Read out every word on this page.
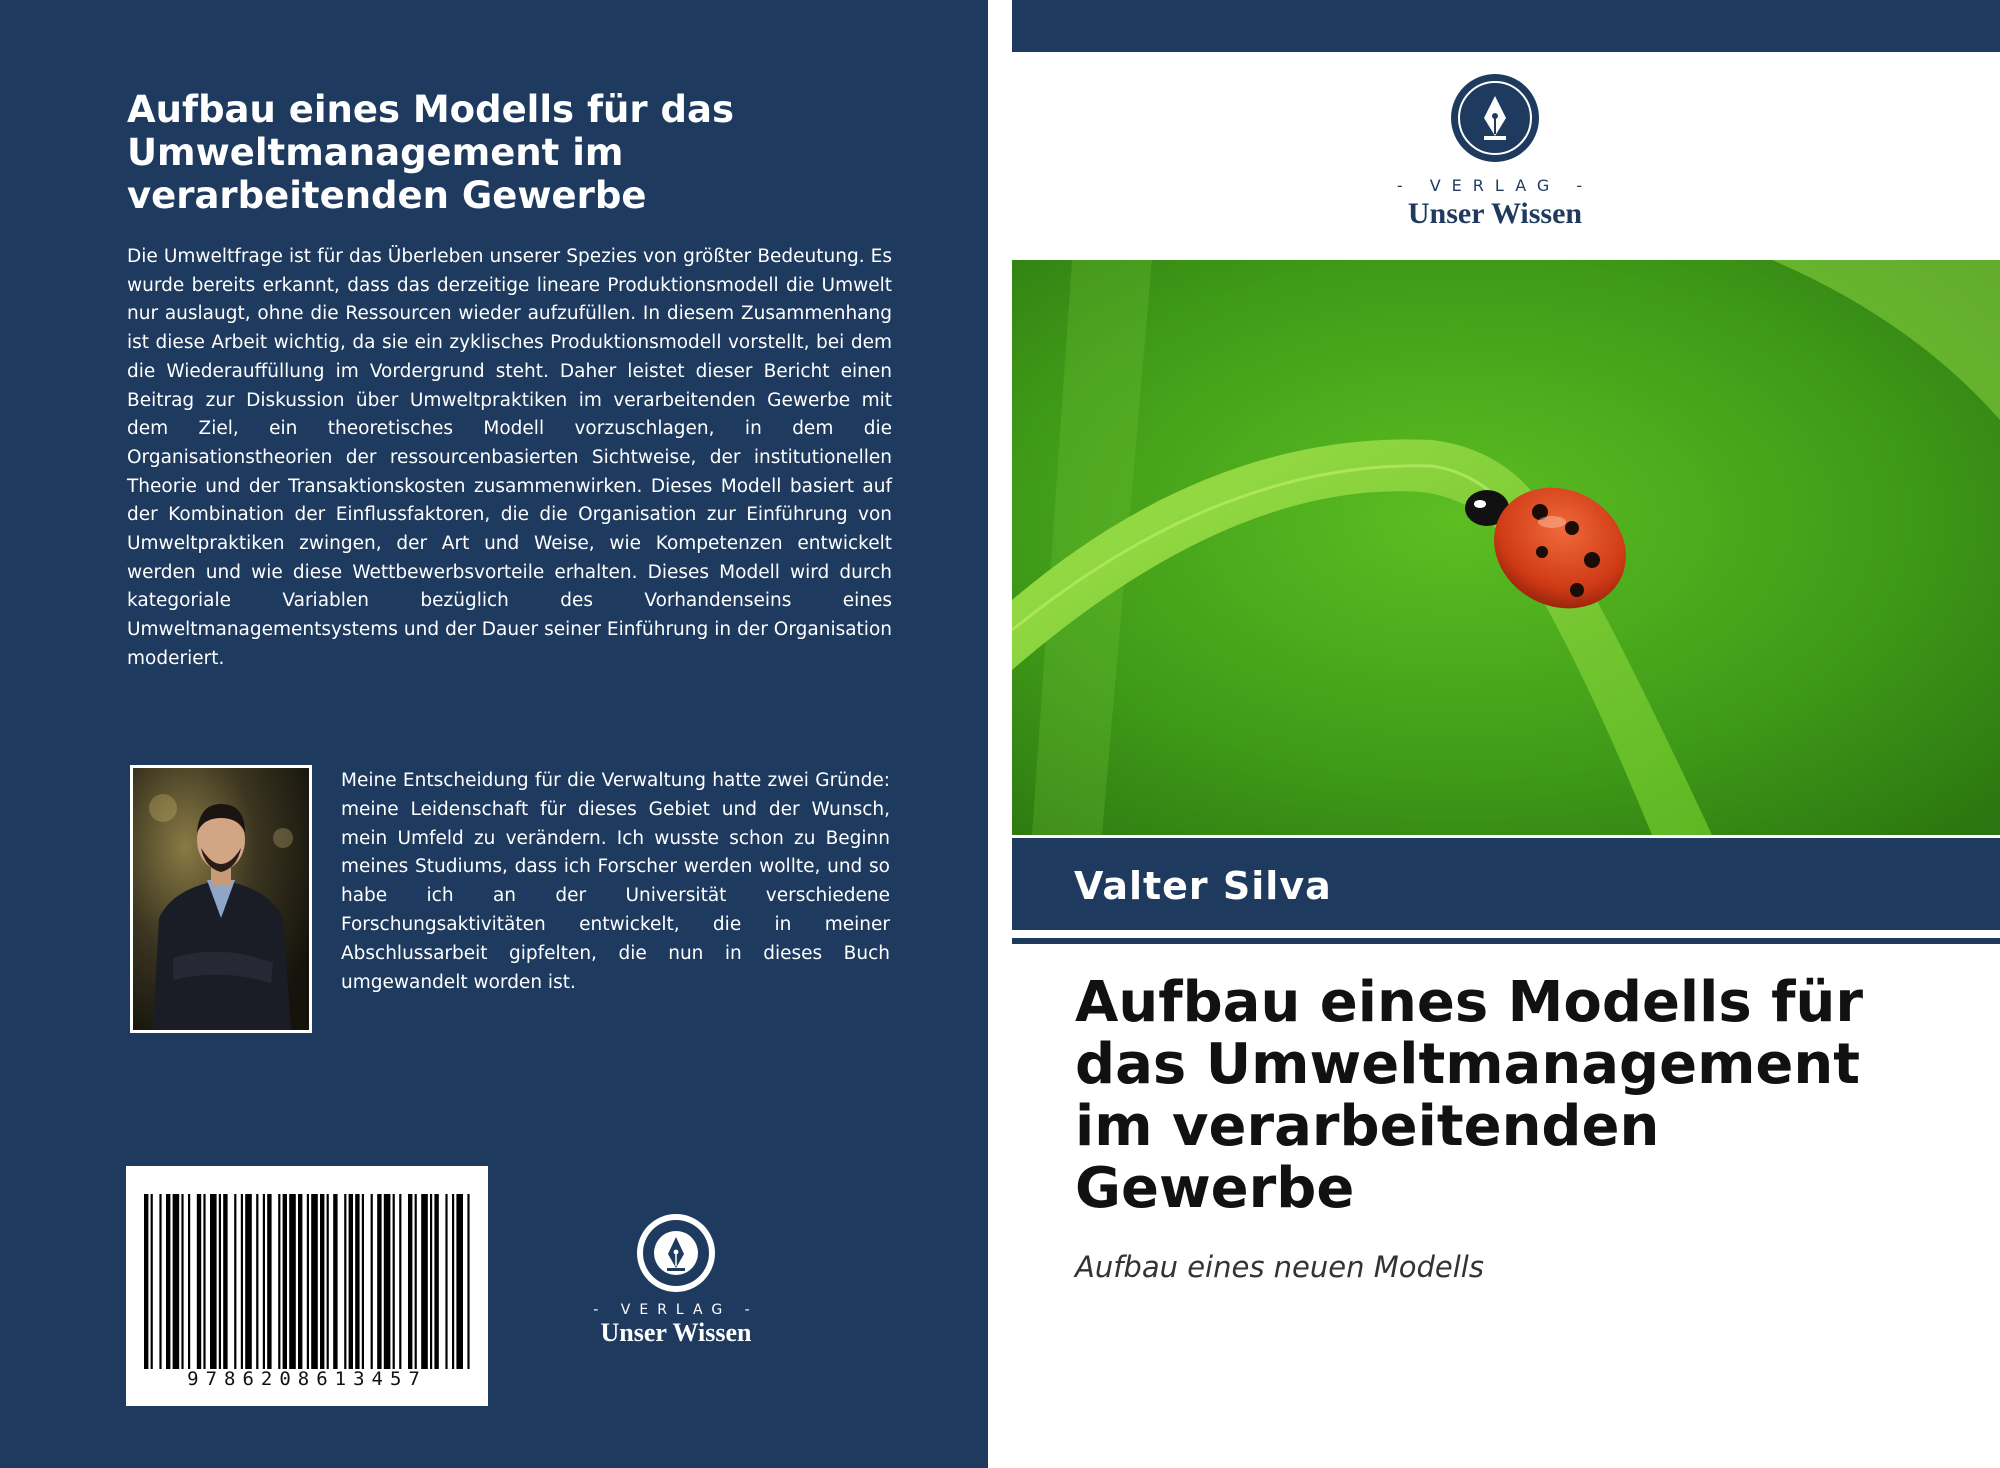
Aufbau eines Modells für das Umweltmanagement im verarbeitenden Gewerbe

Die Umweltfrage ist für das Überleben unserer Spezies von größter Bedeutung. Es wurde bereits erkannt, dass das derzeitige lineare Produktionsmodell die Umwelt nur auslaugt, ohne die Ressourcen wieder aufzufüllen. In diesem Zusammenhang ist diese Arbeit wichtig, da sie ein zyklisches Produktionsmodell vorstellt, bei dem die Wiederauffüllung im Vordergrund steht. Daher leistet dieser Bericht einen Beitrag zur Diskussion über Umweltpraktiken im verarbeitenden Gewerbe mit dem Ziel, ein theoretisches Modell vorzuschlagen, in dem die Organisationstheorien der ressourcenbasierten Sichtweise, der institutionellen Theorie und der Transaktionskosten zusammenwirken. Dieses Modell basiert auf der Kombination der Einflussfaktoren, die die Organisation zur Einführung von Umweltpraktiken zwingen, der Art und Weise, wie Kompetenzen entwickelt werden und wie diese Wettbewerbsvorteile erhalten. Dieses Modell wird durch kategoriale Variablen bezüglich des Vorhandenseins eines Umweltmanagementsystems und der Dauer seiner Einführung in der Organisation moderiert.

Meine Entscheidung für die Verwaltung hatte zwei Gründe: meine Leidenschaft für dieses Gebiet und der Wunsch, mein Umfeld zu verändern. Ich wusste schon zu Beginn meines Studiums, dass ich Forscher werden wollte, und so habe ich an der Universität verschiedene Forschungsaktivitäten entwickelt, die in meiner Abschlussarbeit gipfelten, die nun in dieses Buch umgewandelt worden ist.

9786208613457
- VERLAG -
Unser Wissen
- VERLAG -
Unser Wissen
Valter Silva
Aufbau eines Modells für das Umweltmanagement im verarbeitenden Gewerbe
Aufbau eines neuen Modells
